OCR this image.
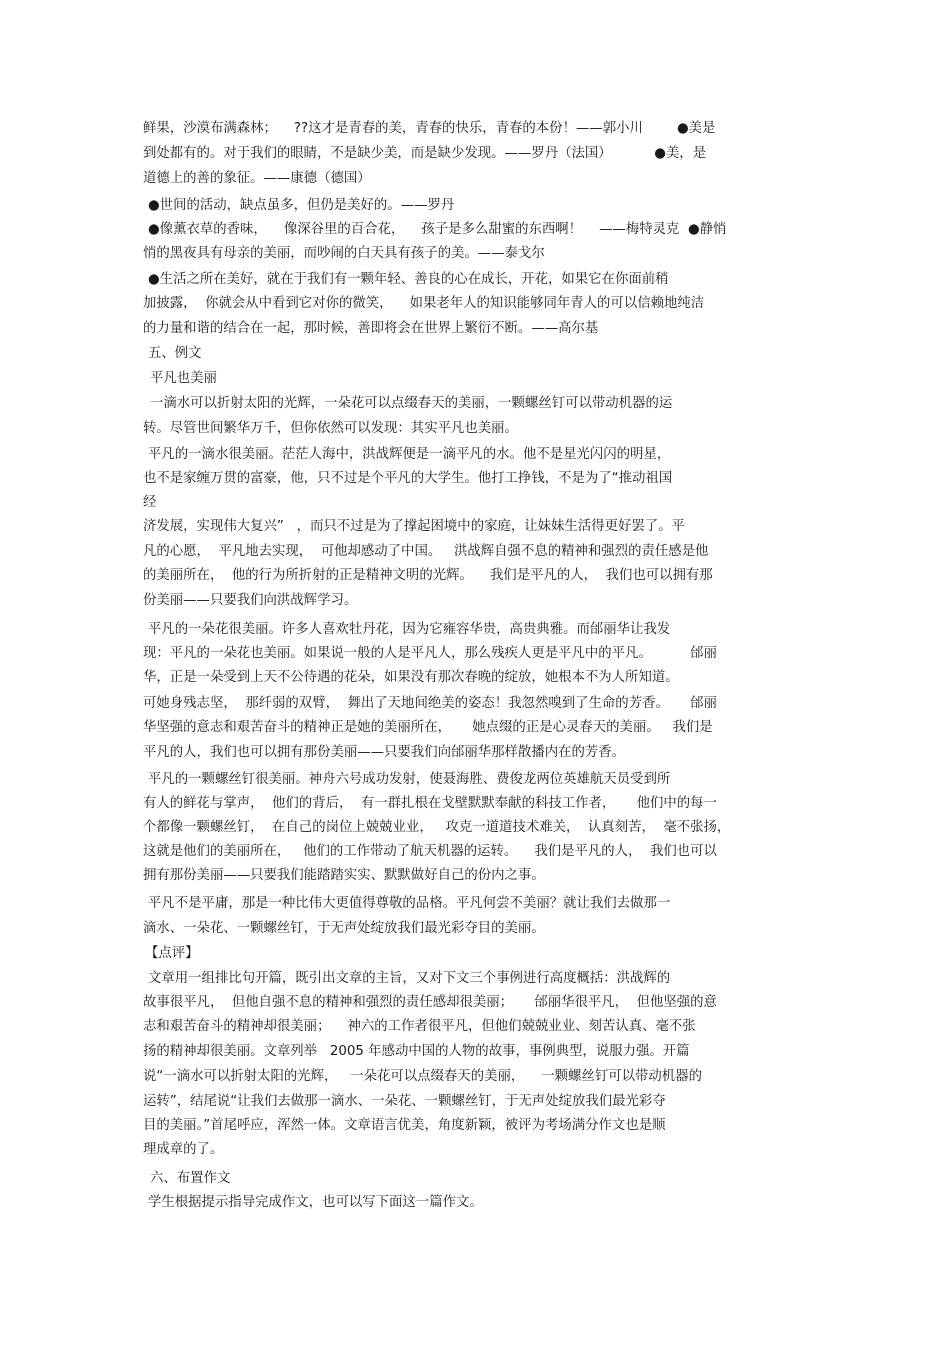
鲜果，沙漠布满森林；    ??这才是青春的美，青春的快乐，青春的本份！——郭小川        ●美是
到处都有的。对于我们的眼睛，不是缺少美，而是缺少发现。——罗丹（法国）          ●美，是
道德上的善的象征。——康德（德国）
●世间的活动，缺点虽多，但仍是美好的。——罗丹
●像薰衣草的香味，    像深谷里的百合花，    孩子是多么甜蜜的东西啊！    ——梅特灵克  ●静悄
悄的黑夜具有母亲的美丽，而吵闹的白天具有孩子的美。——泰戈尔
●生活之所在美好，就在于我们有一颗年轻、善良的心在成长，开花，如果它在你面前稍
加披露，  你就会从中看到它对你的微笑，    如果老年人的知识能够同年青人的可以信赖地纯洁
的力量和谐的结合在一起，那时候，善即将会在世界上繁衍不断。——高尔基
五、例文
平凡也美丽
一滴水可以折射太阳的光辉，一朵花可以点缀春天的美丽，一颗螺丝钉可以带动机器的运
转。尽管世间繁华万千，但你依然可以发现：其实平凡也美丽。
平凡的一滴水很美丽。茫茫人海中，洪战辉便是一滴平凡的水。他不是星光闪闪的明星，
也不是家缠万贯的富豪，他，只不过是个平凡的大学生。他打工挣钱，不是为了“推动祖国
经
济发展，实现伟大复兴”   ，而只不过是为了撑起困境中的家庭，让妹妹生活得更好罢了。平
凡的心愿，  平凡地去实现，  可他却感动了中国。   洪战辉自强不息的精神和强烈的责任感是他
的美丽所在，  他的行为所折射的正是精神文明的光辉。    我们是平凡的人，  我们也可以拥有那
份美丽——只要我们向洪战辉学习。
平凡的一朵花很美丽。许多人喜欢牡丹花，因为它雍容华贵，高贵典雅。而邰丽华让我发
现：平凡的一朵花也美丽。如果说一般的人是平凡人，那么残疾人更是平凡中的平凡。         邰丽
华，正是一朵受到上天不公待遇的花朵，如果没有那次春晚的绽放，她根本不为人所知道。
可她身残志坚，  那纤弱的双臂，  舞出了天地间绝美的姿态！我忽然嗅到了生命的芳香。     邰丽
华坚强的意志和艰苦奋斗的精神正是她的美丽所在，     她点缀的正是心灵春天的美丽。   我们是
平凡的人，我们也可以拥有那份美丽——只要我们向邰丽华那样散播内在的芳香。
平凡的一颗螺丝钉很美丽。神舟六号成功发射，使聂海胜、费俊龙两位英雄航天员受到所
有人的鲜花与掌声，  他们的背后，  有一群扎根在戈壁默默奉献的科技工作者，     他们中的每一
个都像一颗螺丝钉，  在自己的岗位上兢兢业业，   攻克一道道技术难关，  认真刻苦，  毫不张扬，
这就是他们的美丽所在，   他们的工作带动了航天机器的运转。    我们是平凡的人，  我们也可以
拥有那份美丽——只要我们能踏踏实实、默默做好自己的份内之事。
平凡不是平庸，那是一种比伟大更值得尊敬的品格。平凡何尝不美丽？就让我们去做那一
滴水、一朵花、一颗螺丝钉，于无声处绽放我们最光彩夺目的美丽。
【点评】
文章用一组排比句开篇，既引出文章的主旨，又对下文三个事例进行高度概括：洪战辉的
故事很平凡，  但他自强不息的精神和强烈的责任感却很美丽；     邰丽华很平凡，  但他坚强的意
志和艰苦奋斗的精神却很美丽；    神六的工作者很平凡，但他们兢兢业业、刻苦认真、毫不张
扬的精神却很美丽。文章列举   2005 年感动中国的人物的故事，事例典型，说服力强。开篇
说“一滴水可以折射太阳的光辉，   一朵花可以点缀春天的美丽，    一颗螺丝钉可以带动机器的
运转”，结尾说“让我们去做那一滴水、一朵花、一颗螺丝钉，于无声处绽放我们最光彩夺
目的美丽。”首尾呼应，浑然一体。文章语言优美，角度新颖，被评为考场满分作文也是顺
理成章的了。
六、布置作文
学生根据提示指导完成作文，也可以写下面这一篇作文。
